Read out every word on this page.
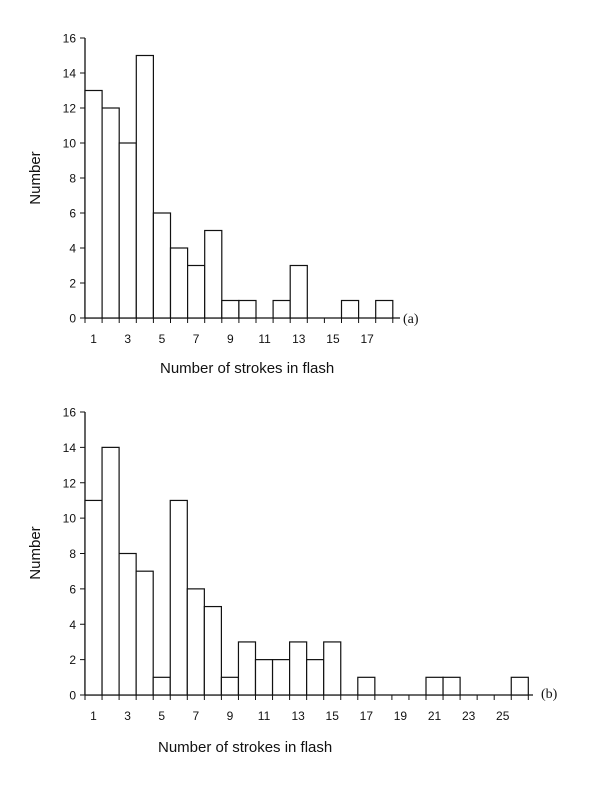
Number
Number of strokes in flash
(a)
0
2
4
6
8
10
12
14
16
1 3 5 7 9 11 13 15 17
Number
Number of strokes in flash
(b)
0
2
4
6
8
10
12
14
16
1 3 5 7 9 11 13 15 17 19 21 23 25
